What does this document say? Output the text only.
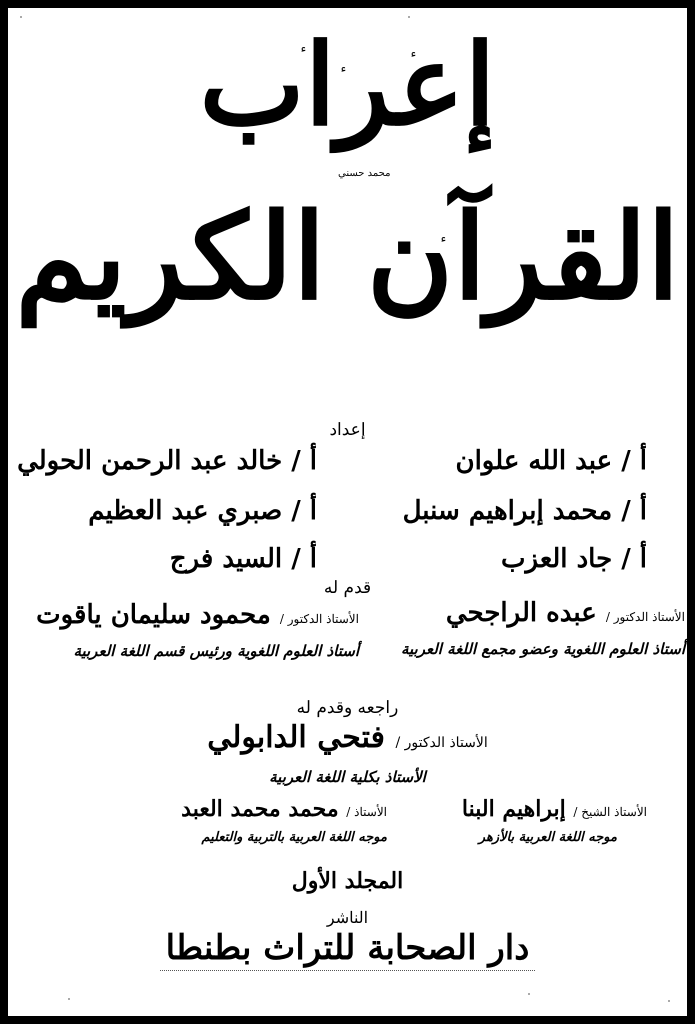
إعراب
محمد حسني
القرآن الكريم
إعداد
أ / عبد الله علوان
أ / خالد عبد الرحمن الحولي
أ / محمد إبراهيم سنبل
أ / صبري عبد العظيم
أ / جاد العزب
أ / السيد فرج
قدم له
الأستاذ الدكتور / عبده الراجحي
أستاذ العلوم اللغوية وعضو مجمع اللغة العربية
الأستاذ الدكتور / محمود سليمان ياقوت
أستاذ العلوم اللغوية ورئيس قسم اللغة العربية
راجعه وقدم له
الأستاذ الدكتور / فتحي الدابولي
الأستاذ بكلية اللغة العربية
الأستاذ الشيخ / إبراهيم البنا
موجه اللغة العربية بالأزهر
الأستاذ / محمد محمد العبد
موجه اللغة العربية بالتربية والتعليم
المجلد الأول
الناشر
دار الصحابة للتراث بطنطا
